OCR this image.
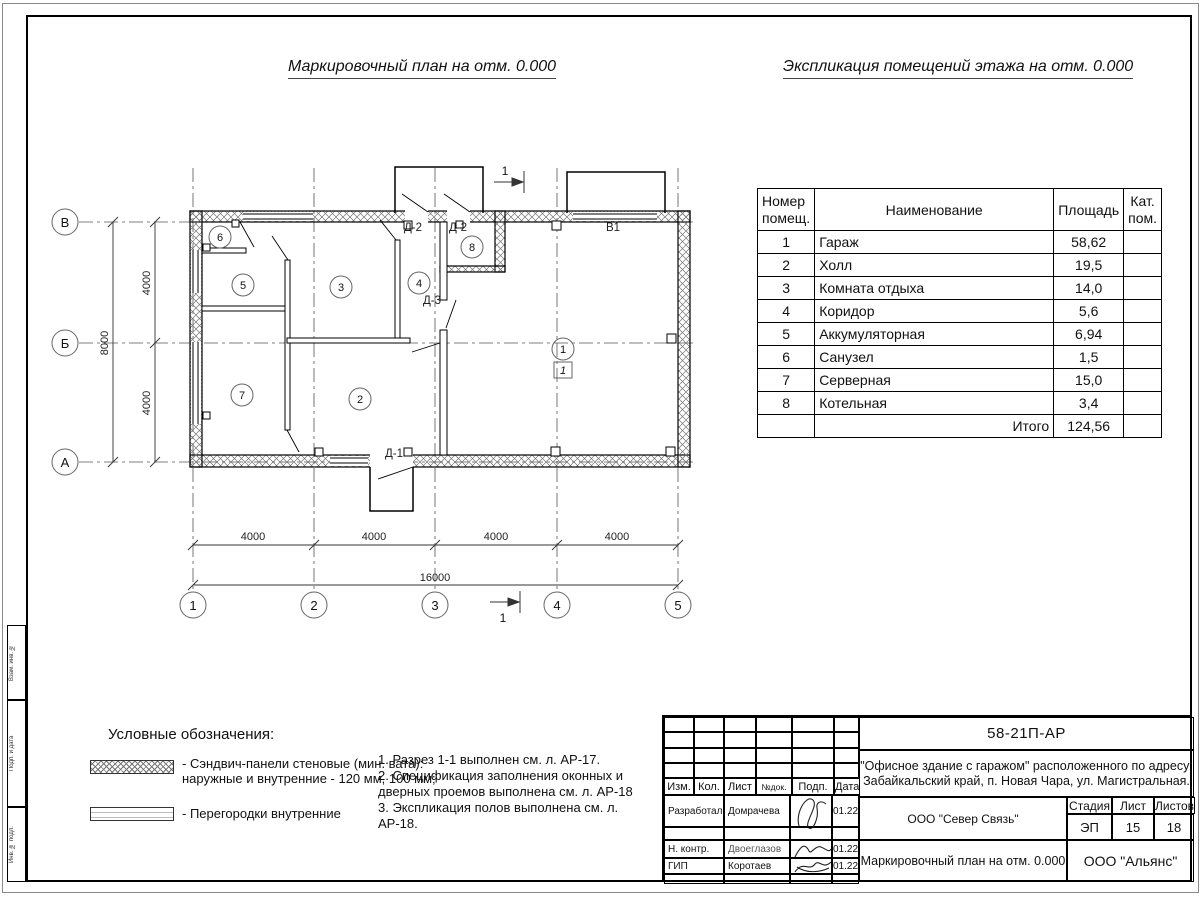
Взам. инв. №
Подп. и дата
Инв. № подл.
Маркировочный план на отм. 0.000	Экспликация помещений этажа на отм. 0.000
4000	4000	4000	4000
16000
4000
4000
8000
1	2	3	4	5
В
Б
А
6
5	3	4
8
1
7	2
1
Д-2 Д-2
Д-3
Д-1
В1
1
1
Номер помещ.	Наименование	Площадь	Кат. пом.
1	Гараж	58,62	
2	Холл	19,5	
3	Комната отдыха	14,0	
4	Коридор	5,6	
5	Аккумуляторная	6,94	
6	Санузел	1,5	
7	Серверная	15,0	
8	Котельная	3,4	
	Итого	124,56	
Условные обозначения:
- Сэндвич-панели стеновые (мин. вата):
наружные и внутренние - 120 мм, 100 мм;
- Перегородки внутренние
1. Разрез 1-1 выполнен см. л. АР-17.
2. Спецификация заполнения оконных и дверных проемов выполнена см. л. АР-18
3. Экспликация полов выполнена см. л. АР-18.
Изм. Кол. Лист	№док.	Подп. Дата
Разработал Домрачева	01.22
Н. контр.	Двоеглазов	01.22
ГИП	Коротаев	01.22
58-21П-АР
"Офисное здание с гаражом" расположенного по адресу:
Забайкальский край, п. Новая Чара, ул. Магистральная.
ООО "Север Связь"
Стадия Лист Листов
ЭП	15	18
Маркировочный план на отм. 0.000	ООО "Альянс"
